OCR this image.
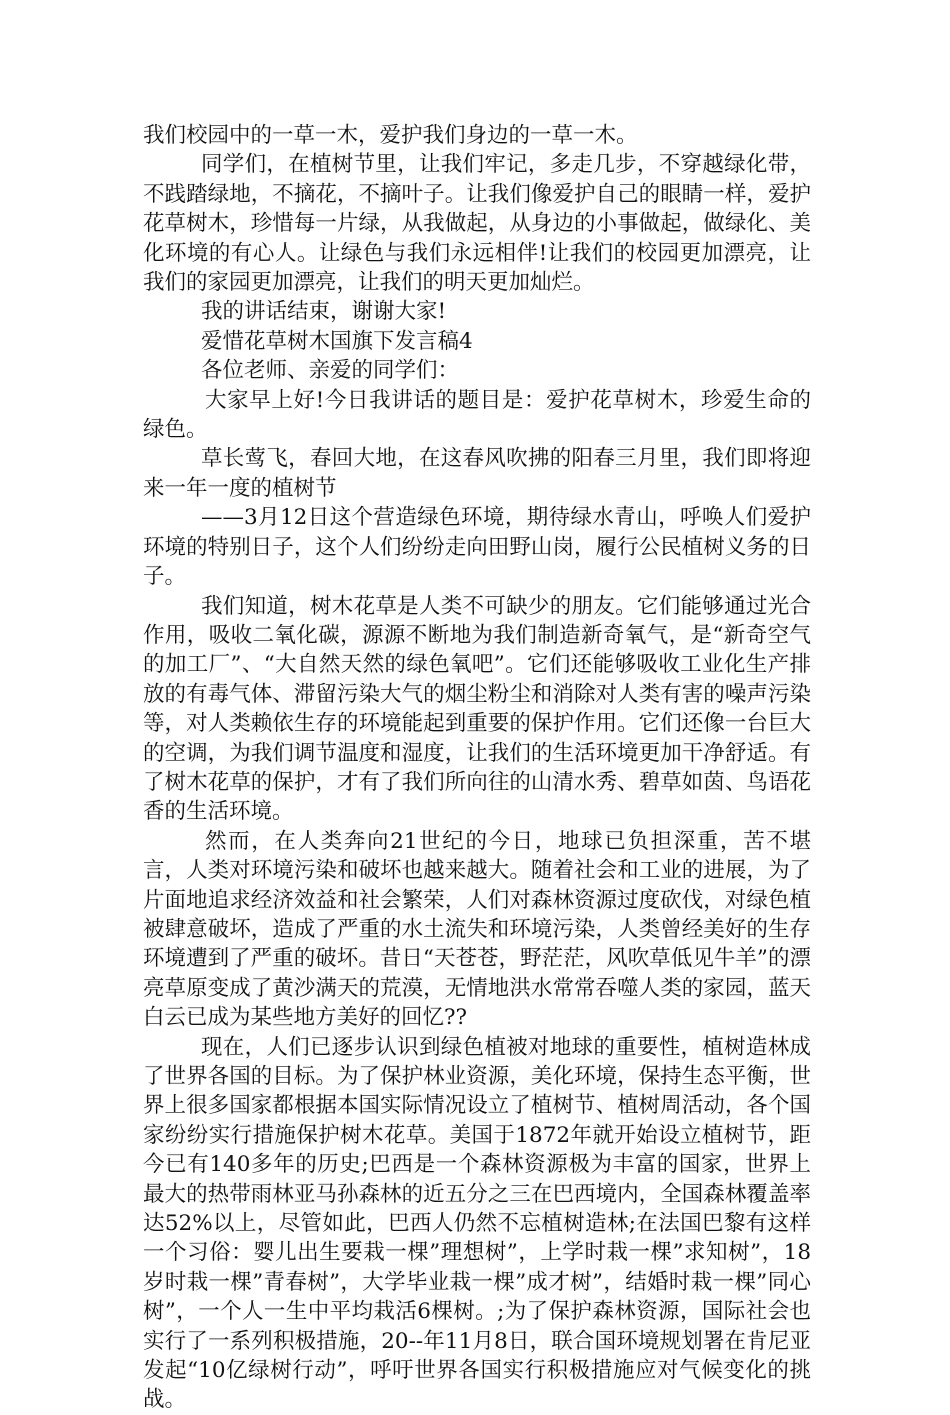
我们校园中的一草一木，爱护我们身边的一草一木。

同学们，在植树节里，让我们牢记，多走几步，不穿越绿化带，不践踏绿地，不摘花，不摘叶子。让我们像爱护自己的眼睛一样，爱护花草树木，珍惜每一片绿，从我做起，从身边的小事做起，做绿化、美化环境的有心人。让绿色与我们永远相伴!让我们的校园更加漂亮，让我们的家园更加漂亮，让我们的明天更加灿烂。

我的讲话结束，谢谢大家!

爱惜花草树木国旗下发言稿4

各位老师、亲爱的同学们：

大家早上好!今日我讲话的题目是：爱护花草树木，珍爱生命的绿色。

草长莺飞，春回大地，在这春风吹拂的阳春三月里，我们即将迎来一年一度的植树节

——3月12日这个营造绿色环境，期待绿水青山，呼唤人们爱护环境的特别日子，这个人们纷纷走向田野山岗，履行公民植树义务的日子。

我们知道，树木花草是人类不可缺少的朋友。它们能够通过光合作用，吸收二氧化碳，源源不断地为我们制造新奇氧气，是“新奇空气的加工厂”、“大自然天然的绿色氧吧”。它们还能够吸收工业化生产排放的有毒气体、滞留污染大气的烟尘粉尘和消除对人类有害的噪声污染等，对人类赖依生存的环境能起到重要的保护作用。它们还像一台巨大的空调，为我们调节温度和湿度，让我们的生活环境更加干净舒适。有了树木花草的保护，才有了我们所向往的山清水秀、碧草如茵、鸟语花香的生活环境。

然而，在人类奔向21世纪的今日，地球已负担深重，苦不堪言，人类对环境污染和破坏也越来越大。随着社会和工业的进展，为了片面地追求经济效益和社会繁荣，人们对森林资源过度砍伐，对绿色植被肆意破坏，造成了严重的水土流失和环境污染，人类曾经美好的生存环境遭到了严重的破坏。昔日“天苍苍，野茫茫，风吹草低见牛羊”的漂亮草原变成了黄沙满天的荒漠，无情地洪水常常吞噬人类的家园，蓝天白云已成为某些地方美好的回忆??

现在，人们已逐步认识到绿色植被对地球的重要性，植树造林成了世界各国的目标。为了保护林业资源，美化环境，保持生态平衡，世界上很多国家都根据本国实际情况设立了植树节、植树周活动，各个国家纷纷实行措施保护树木花草。美国于1872年就开始设立植树节，距今已有140多年的历史;巴西是一个森林资源极为丰富的国家，世界上最大的热带雨林亚马孙森林的近五分之三在巴西境内，全国森林覆盖率达52%以上，尽管如此，巴西人仍然不忘植树造林;在法国巴黎有这样一个习俗：婴儿出生要栽一棵”理想树”，上学时栽一棵”求知树”，18岁时栽一棵”青春树”，大学毕业栽一棵”成才树”，结婚时栽一棵”同心树”，一个人一生中平均栽活6棵树。;为了保护森林资源，国际社会也实行了一系列积极措施，20--年11月8日，联合国环境规划署在肯尼亚发起“10亿绿树行动”，呼吁世界各国实行积极措施应对气候变化的挑战。
